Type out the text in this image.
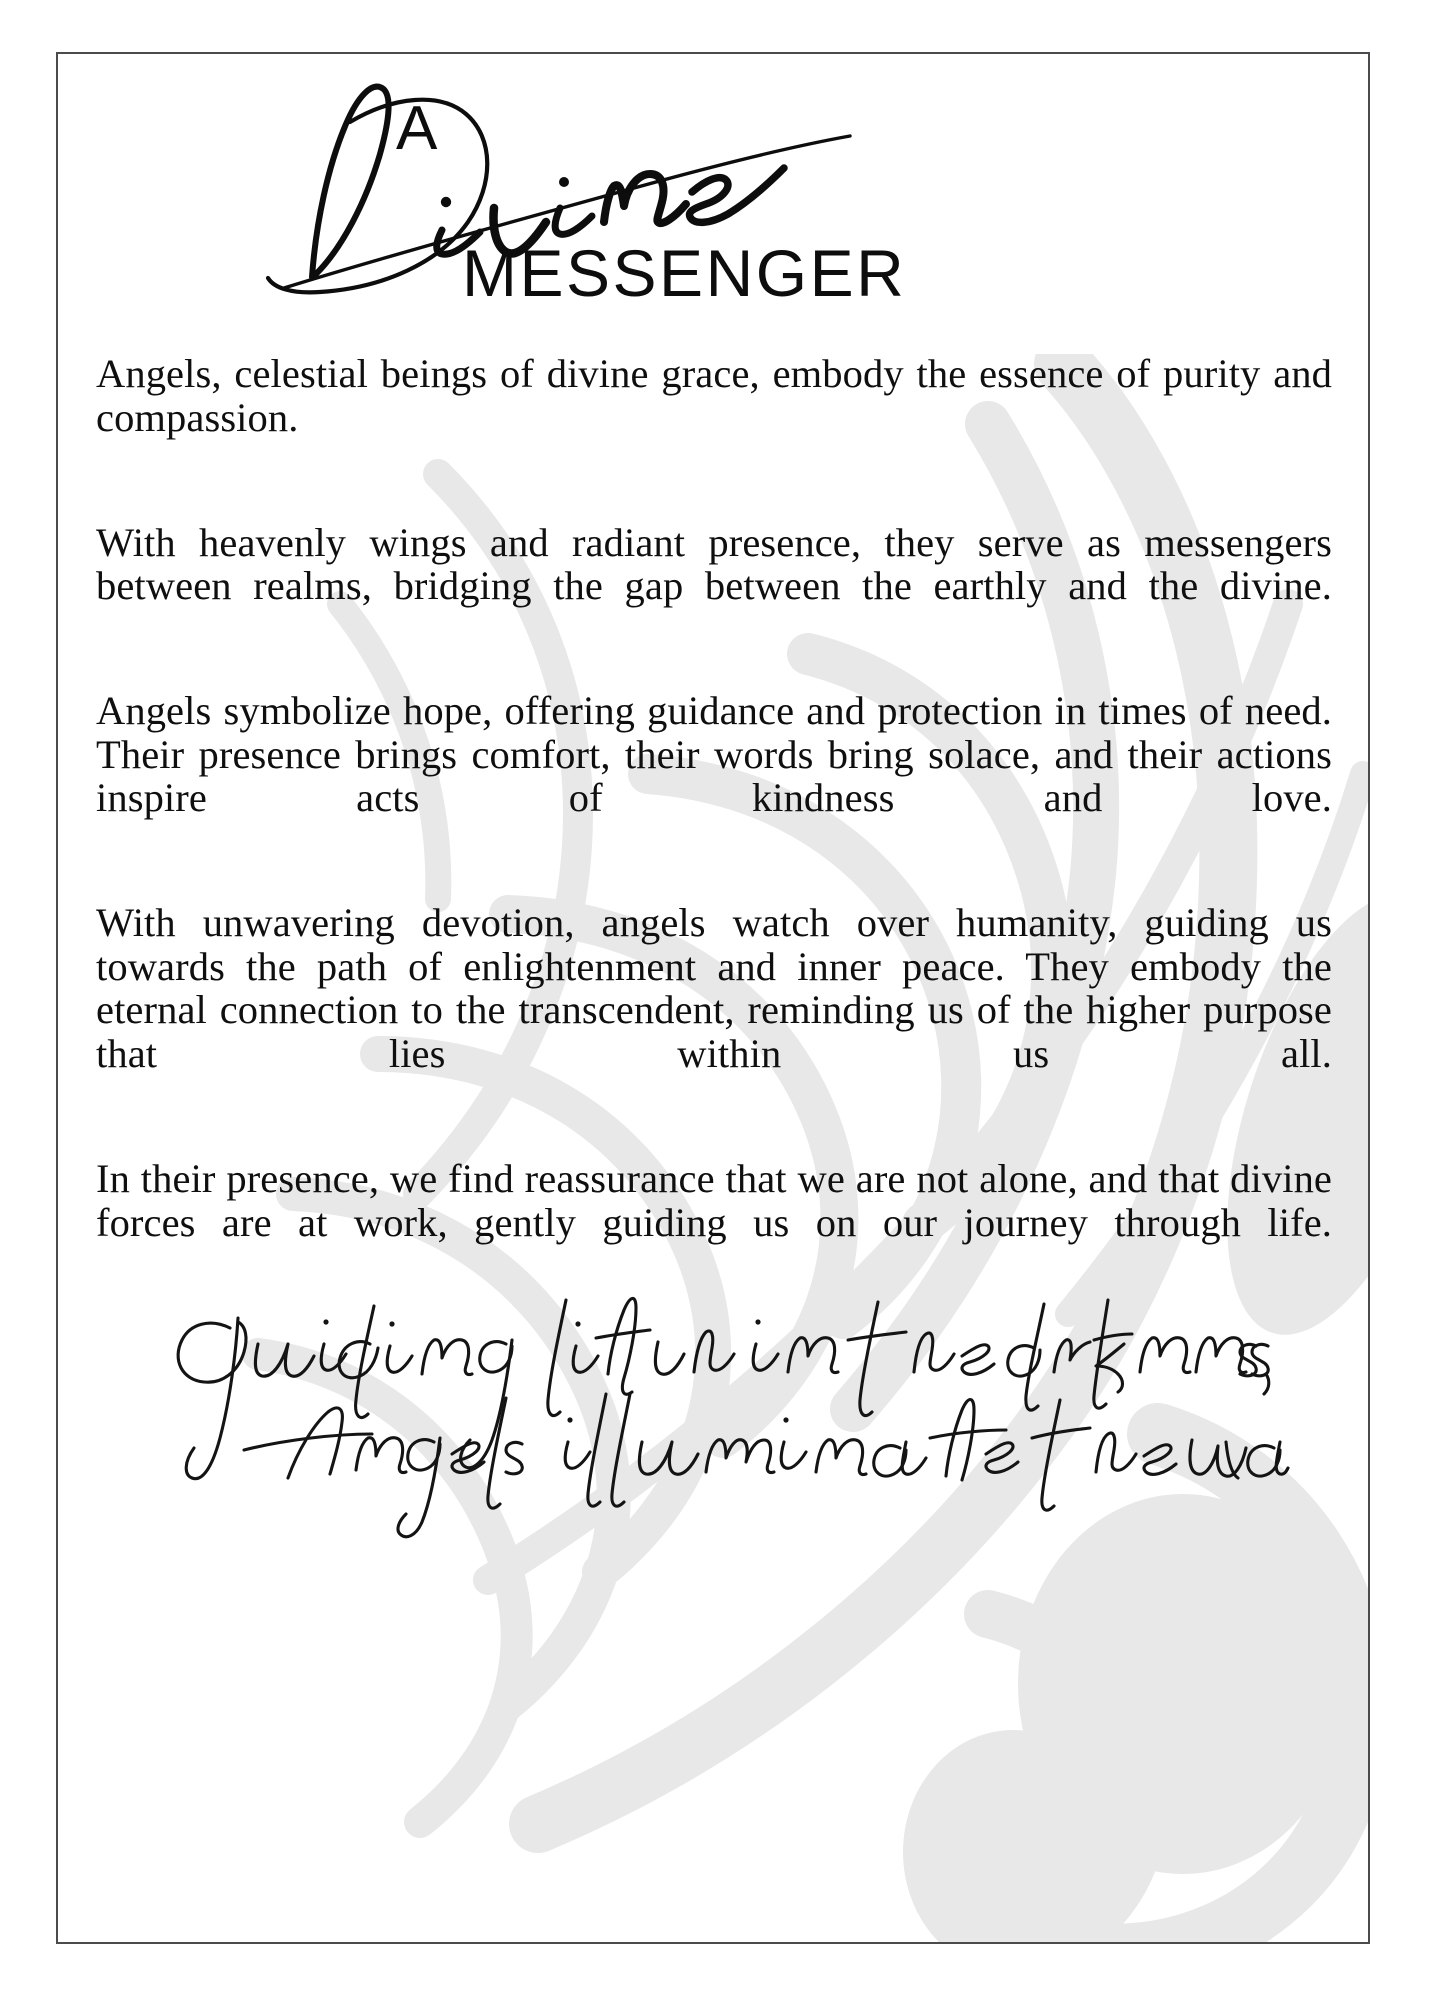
A
MESSENGER

Angels, celestial beings of divine grace, embody the essence of purity and compassion.

With heavenly wings and radiant presence, they serve as messengers between realms, bridging the gap between the earthly and the divine.

Angels symbolize hope, offering guidance and protection in times of need. Their presence brings comfort, their words bring solace, and their actions inspire acts of kindness and love.

With unwavering devotion, angels watch over humanity, guiding us towards the path of enlightenment and inner peace. They embody the eternal connection to the transcendent, reminding us of the higher purpose that lies within us all.

In their presence, we find reassurance that we are not alone, and that divine forces are at work, gently guiding us on our journey through life.
